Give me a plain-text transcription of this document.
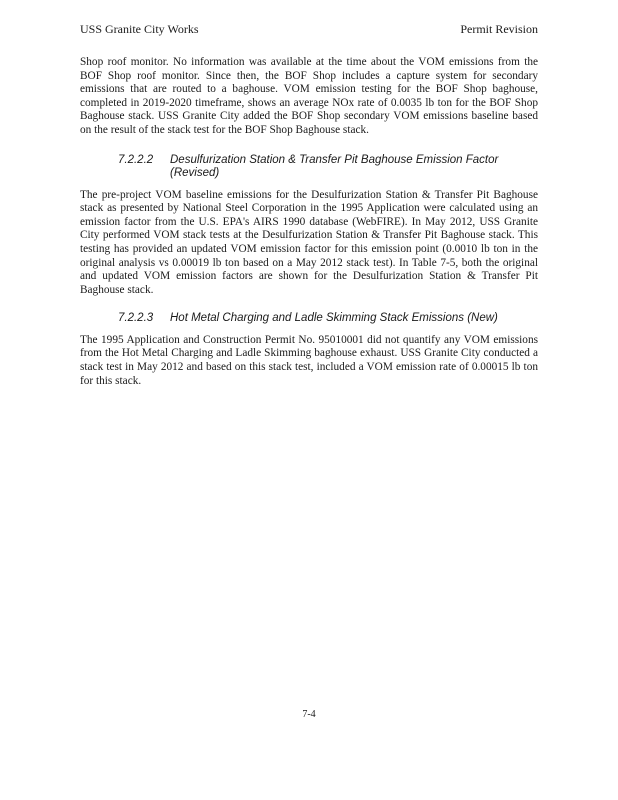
USS Granite City Works	Permit Revision

Shop roof monitor. No information was available at the time about the VOM emissions from the BOF Shop roof monitor. Since then, the BOF Shop includes a capture system for secondary emissions that are routed to a baghouse. VOM emission testing for the BOF Shop baghouse, completed in 2019-2020 timeframe, shows an average NOx rate of 0.0035 lb ton for the BOF Shop Baghouse stack. USS Granite City added the BOF Shop secondary VOM emissions baseline based on the result of the stack test for the BOF Shop Baghouse stack.

7.2.2.2	Desulfurization Station & Transfer Pit Baghouse Emission Factor (Revised)

The pre-project VOM baseline emissions for the Desulfurization Station & Transfer Pit Baghouse stack as presented by National Steel Corporation in the 1995 Application were calculated using an emission factor from the U.S. EPA's AIRS 1990 database (WebFIRE). In May 2012, USS Granite City performed VOM stack tests at the Desulfurization Station & Transfer Pit Baghouse stack. This testing has provided an updated VOM emission factor for this emission point (0.0010 lb ton in the original analysis vs 0.00019 lb ton based on a May 2012 stack test). In Table 7-5, both the original and updated VOM emission factors are shown for the Desulfurization Station & Transfer Pit Baghouse stack.

7.2.2.3	Hot Metal Charging and Ladle Skimming Stack Emissions (New)

The 1995 Application and Construction Permit No. 95010001 did not quantify any VOM emissions from the Hot Metal Charging and Ladle Skimming baghouse exhaust. USS Granite City conducted a stack test in May 2012 and based on this stack test, included a VOM emission rate of 0.00015 lb ton for this stack.

7-4
